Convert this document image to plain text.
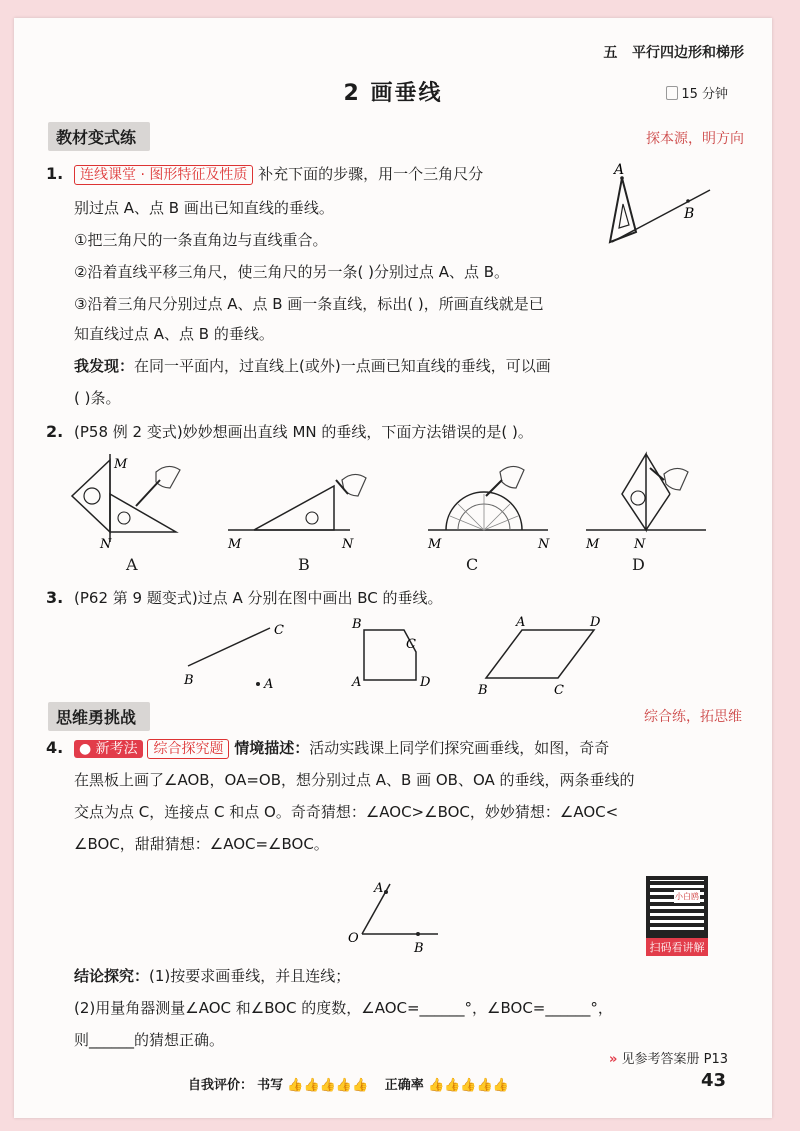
五 平行四边形和梯形
2 画垂线	15 分钟
教材变式练	探本源，明方向
1.	连线课堂 · 图形特征及性质 补充下面的步骤，用一个三角尺分
别过点 A、点 B 画出已知直线的垂线。
①把三角尺的一条直角边与直线重合。
②沿着直线平移三角尺，使三角尺的另一条( )分别过点 A、点 B。
③沿着三角尺分别过点 A、点 B 画一条直线，标出( )，所画直线就是已
知直线过点 A、点 B 的垂线。
我发现：在同一平面内，过直线上(或外)一点画已知直线的垂线，可以画
( )条。
A
B
2. (P58 例 2 变式)妙妙想画出直线 MN 的垂线，下面方法错误的是( )。
M
N
A
M	N
B
M	N
C
M	N
D
3. (P62 第 9 题变式)过点 A 分别在图中画出 BC 的垂线。
B
C
A
B
C
A	D
A	D
B	C
思维勇挑战	综合练，拓思维
4.	● 新考法 综合探究题 情境描述：活动实践课上同学们探究画垂线，如图，奇奇
在黑板上画了∠AOB，OA=OB，想分别过点 A、B 画 OB、OA 的垂线，两条垂线的
交点为点 C，连接点 C 和点 O。奇奇猜想：∠AOC>∠BOC，妙妙猜想：∠AOC<
∠BOC，甜甜猜想：∠AOC=∠BOC。
A
O
B	扫码看讲解
小白鸥
结论探究：(1)按要求画垂线，并且连线；
(2)用量角器测量∠AOC 和∠BOC 的度数，∠AOC=______°，∠BOC=______°，
则______的猜想正确。
» 见参考答案册 P13
自我评价： 书写 👍👍👍👍👍 正确率 👍👍👍👍👍	43
